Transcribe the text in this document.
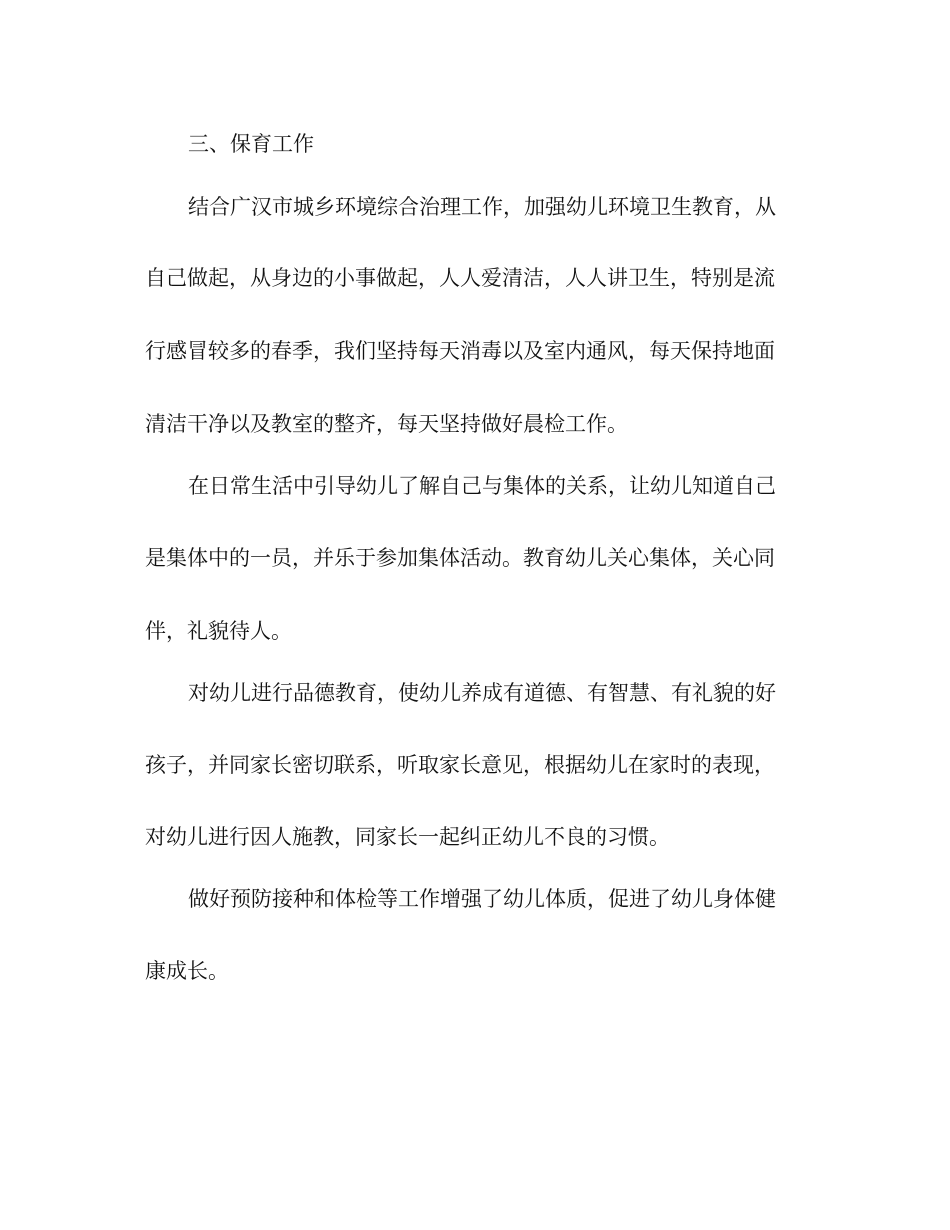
三、保育工作

结合广汉市城乡环境综合治理工作，加强幼儿环境卫生教育，从

自己做起，从身边的小事做起，人人爱清洁，人人讲卫生，特别是流

行感冒较多的春季，我们坚持每天消毒以及室内通风，每天保持地面

清洁干净以及教室的整齐，每天坚持做好晨检工作。

在日常生活中引导幼儿了解自己与集体的关系，让幼儿知道自己

是集体中的一员，并乐于参加集体活动。教育幼儿关心集体，关心同

伴，礼貌待人。

对幼儿进行品德教育，使幼儿养成有道德、有智慧、有礼貌的好

孩子，并同家长密切联系，听取家长意见，根据幼儿在家时的表现，

对幼儿进行因人施教，同家长一起纠正幼儿不良的习惯。

做好预防接种和体检等工作增强了幼儿体质，促进了幼儿身体健

康成长。
